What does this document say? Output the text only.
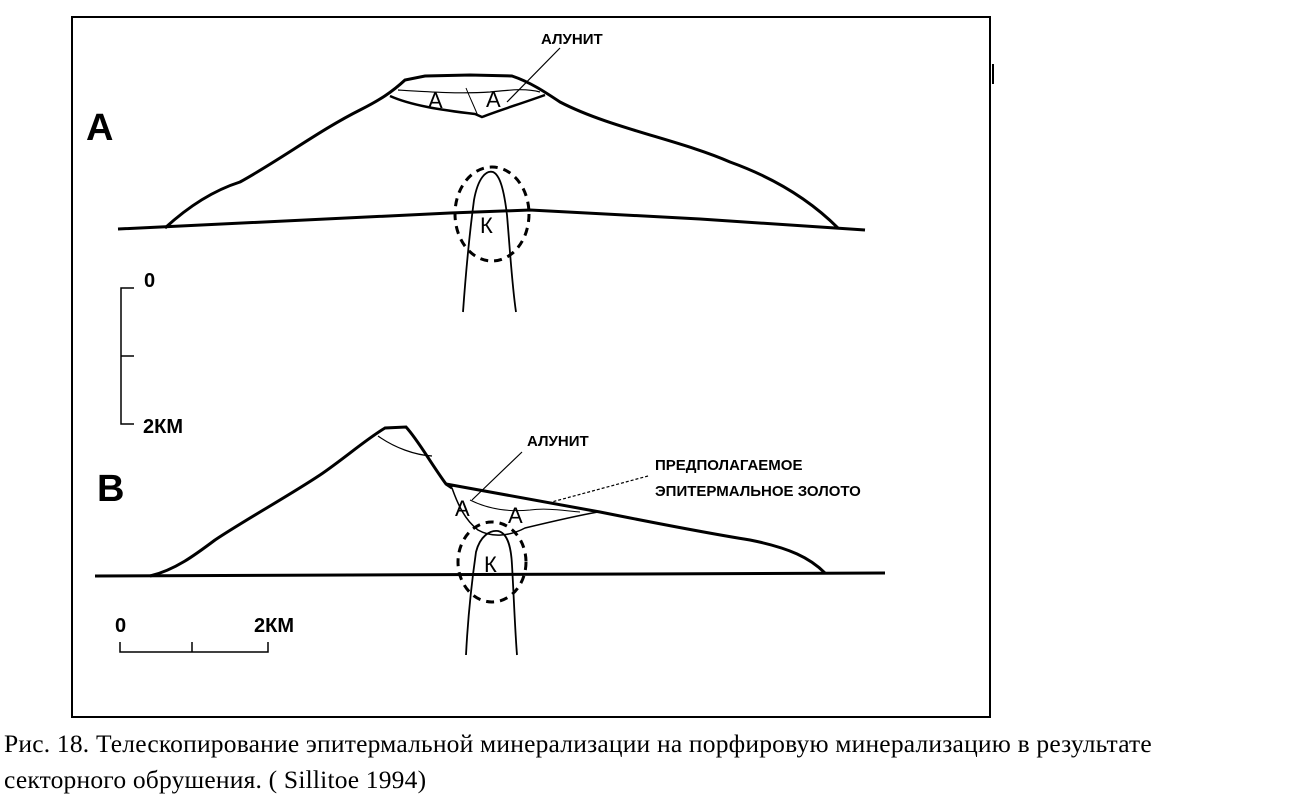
АЛУНИТ
А А
К
A
0
2КМ
АЛУНИТ
ПРЕДПОЛАГАЕМОЕ
ЭПИТЕРМАЛЬНОЕ ЗОЛОТО
А А
К
В
0	2КМ
Рис. 18. Телескопирование эпитермальной минерализации на порфировую минерализацию в результате
секторного обрушения. ( Sillitoe 1994)
